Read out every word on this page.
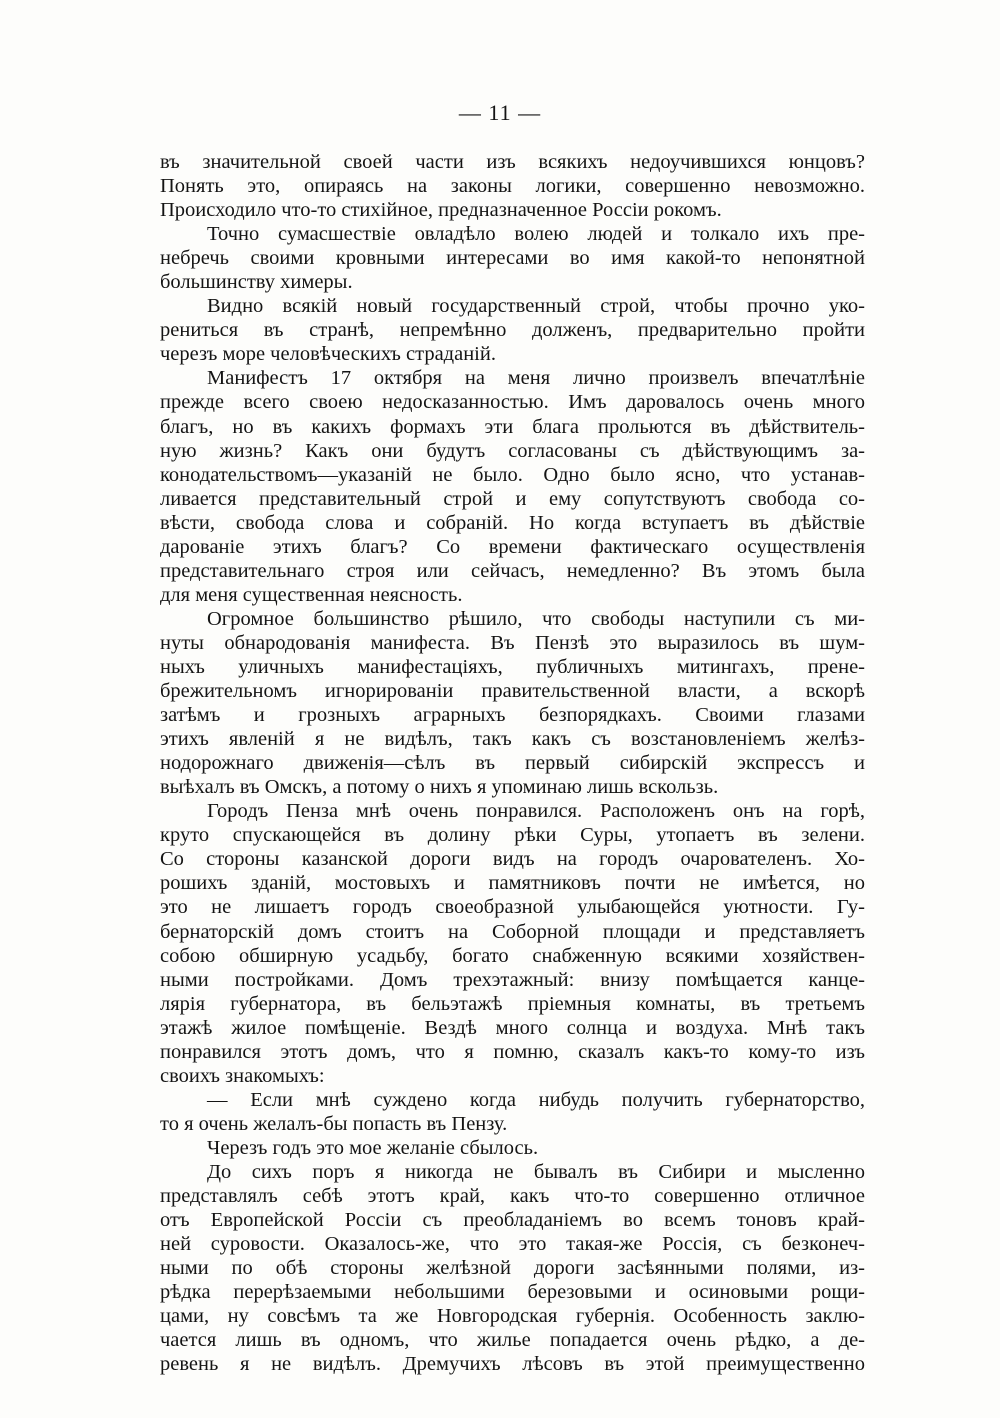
— 11 —
въ значительной своей части изъ всякихъ недоучившихся юнцовъ?
Понять это, опираясь на законы логики, совершенно невозможно.
Происходило что-то стихійное, предназначенное Россіи рокомъ.
Точно сумасшествіе овладѣло волею людей и толкало ихъ пре-
небречь своими кровными интересами во имя какой-то непонятной
большинству химеры.
Видно всякій новый государственный строй, чтобы прочно уко-
рениться въ странѣ, непремѣнно долженъ, предварительно пройти
черезъ море человѣческихъ страданій.
Манифестъ 17 октября на меня лично произвелъ впечатлѣніе
прежде всего своею недосказанностью. Имъ даровалось очень много
благъ, но въ какихъ формахъ эти блага прольются въ дѣйствитель-
ную жизнь? Какъ они будутъ согласованы съ дѣйствующимъ за-
конодательствомъ—указаній не было. Одно было ясно, что устанав-
ливается представительный строй и ему сопутствуютъ свобода со-
вѣсти, свобода слова и собраній. Но когда вступаетъ въ дѣйствіе
дарованіе этихъ благъ? Со времени фактическаго осуществленія
представительнаго строя или сейчасъ, немедленно? Въ этомъ была
для меня существенная неясность.
Огромное большинство рѣшило, что свободы наступили съ ми-
нуты обнародованія манифеста. Въ Пензѣ это выразилось въ шум-
ныхъ уличныхъ манифестаціяхъ, публичныхъ митингахъ, прене-
брежительномъ игнорированіи правительственной власти, а вскорѣ
затѣмъ и грозныхъ аграрныхъ безпорядкахъ. Своими глазами
этихъ явленій я не видѣлъ, такъ какъ съ возстановленіемъ желѣз-
нодорожнаго движенія—сѣлъ въ первый сибирскій экспрессъ и
выѣхалъ въ Омскъ, а потому о нихъ я упоминаю лишь вскользь.
Городъ Пенза мнѣ очень понравился. Расположенъ онъ на горѣ,
круто спускающейся въ долину рѣки Суры, утопаетъ въ зелени.
Со стороны казанской дороги видъ на городъ очарователенъ. Хо-
рошихъ зданій, мостовыхъ и памятниковъ почти не имѣется, но
это не лишаетъ городъ своеобразной улыбающейся уютности. Гу-
бернаторскій домъ стоитъ на Соборной площади и представляетъ
собою обширную усадьбу, богато снабженную всякими хозяйствен-
ными постройками. Домъ трехэтажный: внизу помѣщается канце-
лярія губернатора, въ бельэтажѣ пріемныя комнаты, въ третьемъ
этажѣ жилое помѣщеніе. Вездѣ много солнца и воздуха. Мнѣ такъ
понравился этотъ домъ, что я помню, сказалъ какъ-то кому-то изъ
своихъ знакомыхъ:
— Если мнѣ суждено когда нибудь получить губернаторство,
то я очень желалъ-бы попасть въ Пензу.
Черезъ годъ это мое желаніе сбылось.
До сихъ поръ я никогда не бывалъ въ Сибири и мысленно
представлялъ себѣ этотъ край, какъ что-то совершенно отличное
отъ Европейской Россіи съ преобладаніемъ во всемъ тоновъ край-
ней суровости. Оказалось-же, что это такая-же Россія, съ безконеч-
ными по обѣ стороны желѣзной дороги засѣянными полями, из-
рѣдка перерѣзаемыми небольшими березовыми и осиновыми рощи-
цами, ну совсѣмъ та же Новгородская губернія. Особенность заклю-
чается лишь въ одномъ, что жилье попадается очень рѣдко, а де-
ревень я не видѣлъ. Дремучихъ лѣсовъ въ этой преимущественно
